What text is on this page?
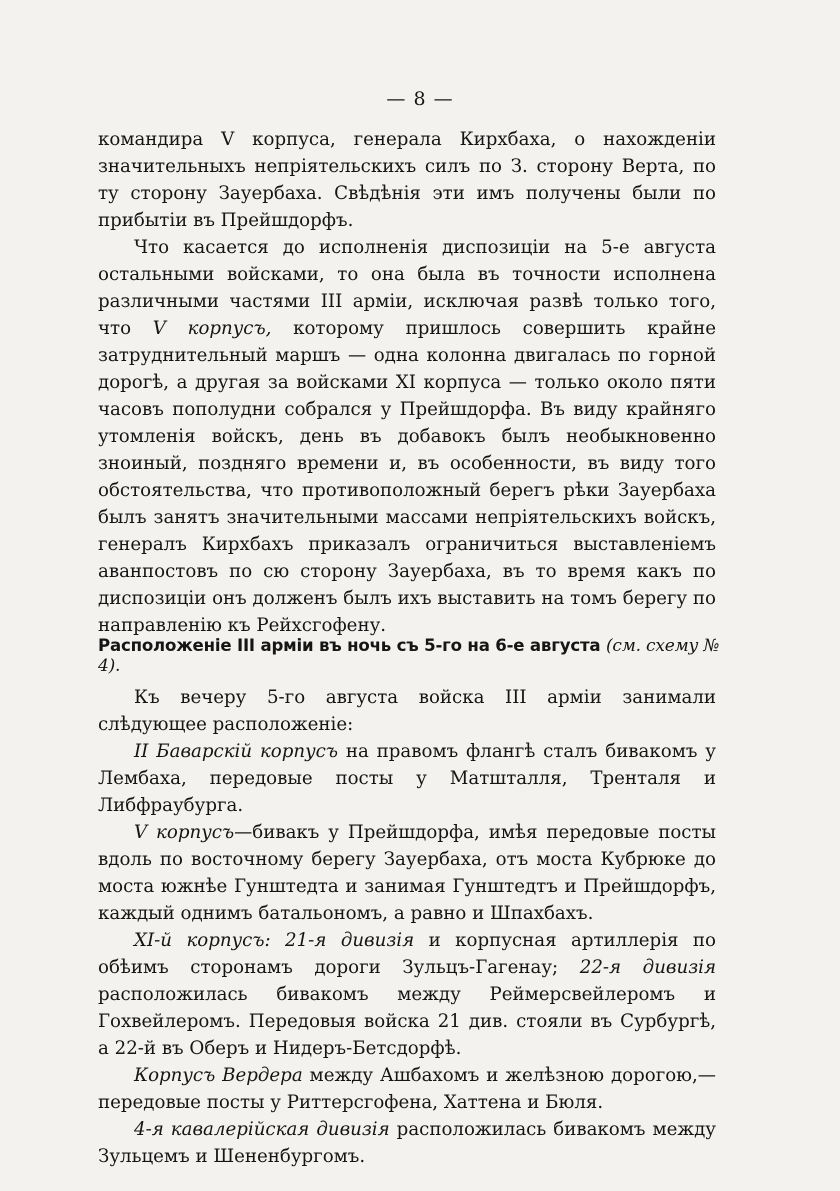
— 8 —

командира V корпуса, генерала Кирхбаха, о нахожденіи значительныхъ непріятельскихъ силъ по З. сторону Верта, по ту сторону Зауербаха. Свѣдѣнія эти имъ получены были по прибытіи въ Прейшдорфъ.

Что касается до исполненія диспозиціи на 5-е августа остальными войсками, то она была въ точности исполнена различными частями III арміи, исключая развѣ только того, что V корпусъ, которому пришлось совершить крайне затруднительный маршъ — одна колонна двигалась по горной дорогѣ, а другая за войсками XI корпуса — только около пяти часовъ пополудни собрался у Прейшдорфа. Въ виду крайняго утомленія войскъ, день въ добавокъ былъ необыкновенно зноиный, поздняго времени и, въ особенности, въ виду того обстоятельства, что противоположный берегъ рѣки Зауербаха былъ занятъ значительными массами непріятельскихъ войскъ, генералъ Кирхбахъ приказалъ ограничиться выставленіемъ аванпостовъ по сю сторону Зауербаха, въ то время какъ по диспозиціи онъ долженъ былъ ихъ выставить на томъ берегу по направленію къ Рейхсгофену.

Расположеніе III арміи въ ночь съ 5-го на 6-е августа (см. схему № 4).

Къ вечеру 5-го августа войска III арміи занимали слѣдующее расположеніе:

II Баварскій корпусъ на правомъ флангѣ сталъ бивакомъ у Лембаха, передовые посты у Матшталля, Тренталя и Либфраубурга.

V корпусъ—бивакъ у Прейшдорфа, имѣя передовые посты вдоль по восточному берегу Зауербаха, отъ моста Кубрюке до моста южнѣе Гунштедта и занимая Гунштедтъ и Прейшдорфъ, каждый однимъ батальономъ, а равно и Шпахбахъ.

XI-й корпусъ: 21-я дивизія и корпусная артиллерія по обѣимъ сторонамъ дороги Зульцъ-Гагенау; 22-я дивизія расположилась бивакомъ между Реймерсвейлеромъ и Гохвейлеромъ. Передовыя войска 21 див. стояли въ Сурбургѣ, а 22-й въ Оберъ и Нидеръ-Бетсдорфѣ.

Корпусъ Вердера между Ашбахомъ и желѣзною дорогою,— передовые посты у Риттерсгофена, Хаттена и Бюля.

4-я кавалерійская дивизія расположилась бивакомъ между Зульцемъ и Шененбургомъ.
